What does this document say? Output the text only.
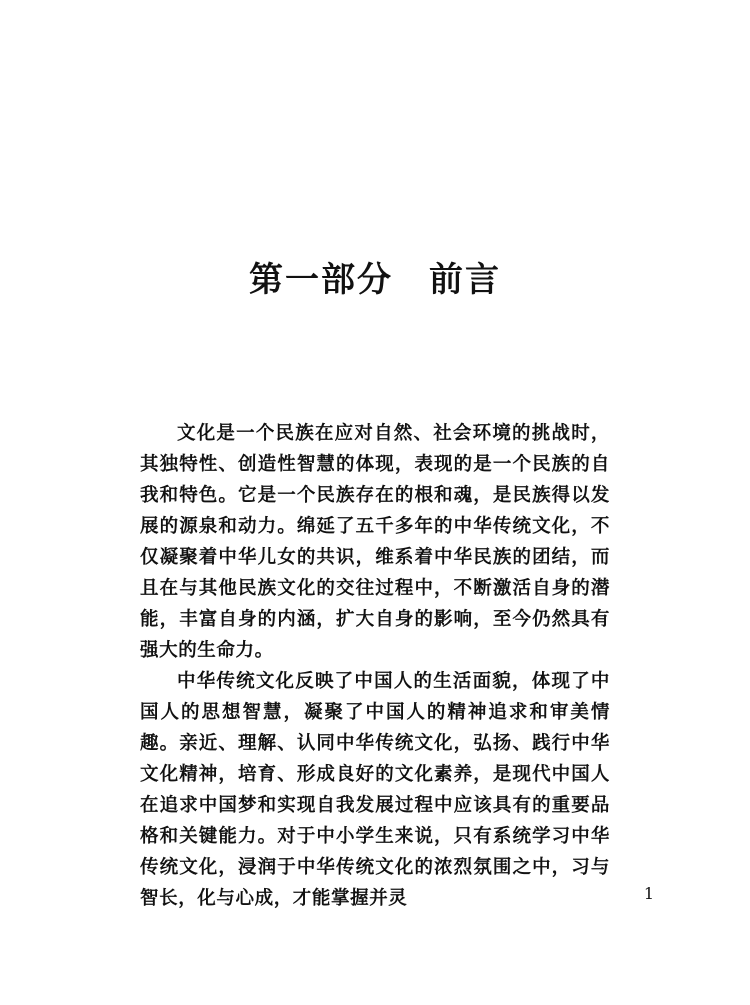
第一部分　前言

文化是一个民族在应对自然、社会环境的挑战时，其独特性、创造性智慧的体现，表现的是一个民族的自我和特色。它是一个民族存在的根和魂，是民族得以发展的源泉和动力。绵延了五千多年的中华传统文化，不仅凝聚着中华儿女的共识，维系着中华民族的团结，而且在与其他民族文化的交往过程中，不断激活自身的潜能，丰富自身的内涵，扩大自身的影响，至今仍然具有强大的生命力。

中华传统文化反映了中国人的生活面貌，体现了中国人的思想智慧，凝聚了中国人的精神追求和审美情趣。亲近、理解、认同中华传统文化，弘扬、践行中华文化精神，培育、形成良好的文化素养，是现代中国人在追求中国梦和实现自我发展过程中应该具有的重要品格和关键能力。对于中小学生来说，只有系统学习中华传统文化，浸润于中华传统文化的浓烈氛围之中，习与智长，化与心成，才能掌握并灵	1
